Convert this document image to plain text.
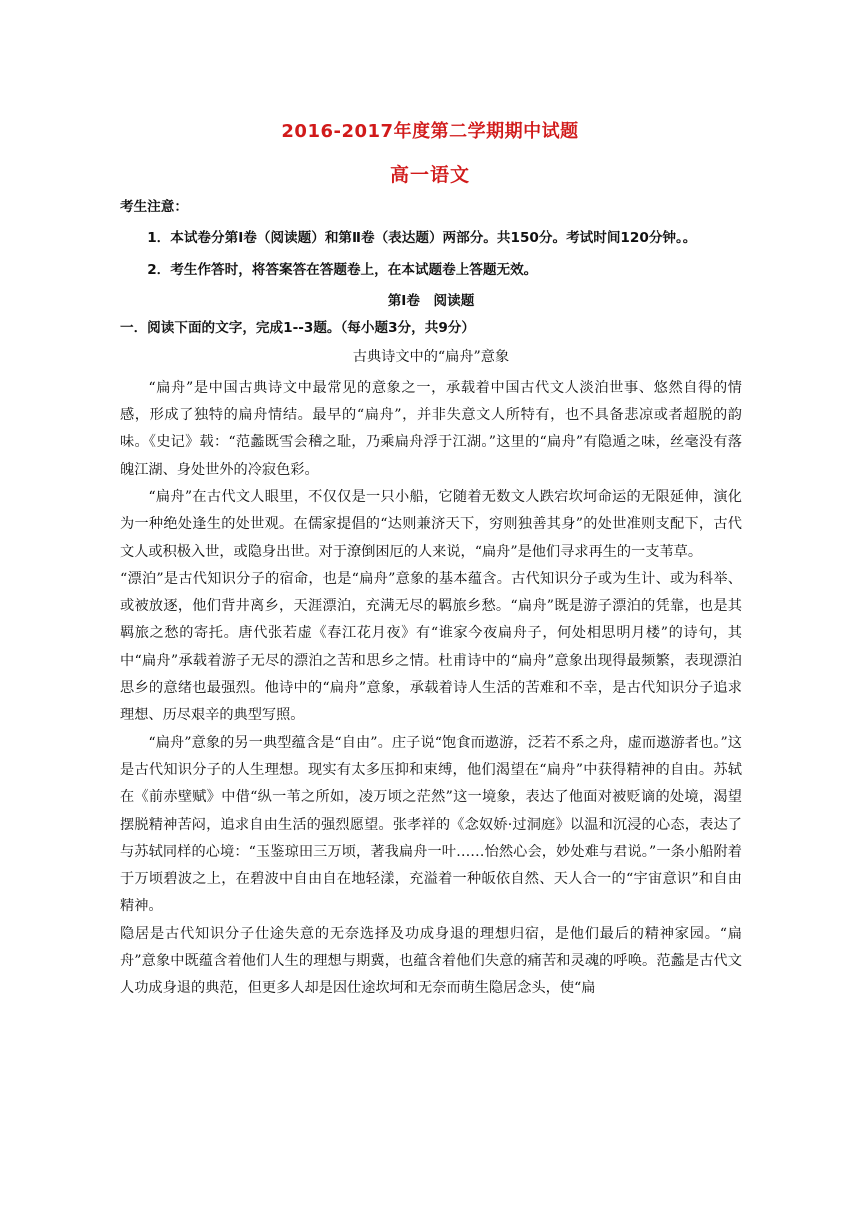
2016-2017年度第二学期期中试题
高一语文

考生注意：

1．本试卷分第Ⅰ卷（阅读题）和第Ⅱ卷（表达题）两部分。共150分。考试时间120分钟。。

2．考生作答时，将答案答在答题卷上，在本试题卷上答题无效。

第Ⅰ卷　阅读题

一．阅读下面的文字，完成1--3题。（每小题3分，共9分）

古典诗文中的“扁舟”意象

“扁舟”是中国古典诗文中最常见的意象之一，承载着中国古代文人淡泊世事、悠然自得的情感，形成了独特的扁舟情结。最早的“扁舟”，并非失意文人所特有，也不具备悲凉或者超脱的韵味。《史记》载：“范蠡既雪会稽之耻，乃乘扁舟浮于江湖。”这里的“扁舟”有隐遁之味，丝毫没有落魄江湖、身处世外的冷寂色彩。

“扁舟”在古代文人眼里，不仅仅是一只小船，它随着无数文人跌宕坎坷命运的无限延伸，演化为一种绝处逢生的处世观。在儒家提倡的“达则兼济天下，穷则独善其身”的处世准则支配下，古代文人或积极入世，或隐身出世。对于潦倒困厄的人来说，“扁舟”是他们寻求再生的一支苇草。

“漂泊”是古代知识分子的宿命，也是“扁舟”意象的基本蕴含。古代知识分子或为生计、或为科举、或被放逐，他们背井离乡，天涯漂泊，充满无尽的羁旅乡愁。“扁舟”既是游子漂泊的凭靠，也是其羁旅之愁的寄托。唐代张若虚《春江花月夜》有“谁家今夜扁舟子，何处相思明月楼”的诗句，其中“扁舟”承载着游子无尽的漂泊之苦和思乡之情。杜甫诗中的“扁舟”意象出现得最频繁，表现漂泊思乡的意绪也最强烈。他诗中的“扁舟”意象，承载着诗人生活的苦难和不幸，是古代知识分子追求理想、历尽艰辛的典型写照。

“扁舟”意象的另一典型蕴含是“自由”。庄子说“饱食而遨游，泛若不系之舟，虚而遨游者也。”这是古代知识分子的人生理想。现实有太多压抑和束缚，他们渴望在“扁舟”中获得精神的自由。苏轼在《前赤壁赋》中借“纵一苇之所如，凌万顷之茫然”这一境象，表达了他面对被贬谪的处境，渴望摆脱精神苦闷，追求自由生活的强烈愿望。张孝祥的《念奴娇·过洞庭》以温和沉浸的心态，表达了与苏轼同样的心境：“玉鉴琼田三万顷，著我扁舟一叶……怡然心会，妙处难与君说。”一条小船附着于万顷碧波之上，在碧波中自由自在地轻漾，充溢着一种皈依自然、天人合一的“宇宙意识”和自由精神。

隐居是古代知识分子仕途失意的无奈选择及功成身退的理想归宿，是他们最后的精神家园。“扁舟”意象中既蕴含着他们人生的理想与期冀，也蕴含着他们失意的痛苦和灵魂的呼唤。范蠡是古代文人功成身退的典范，但更多人却是因仕途坎坷和无奈而萌生隐居念头，使“扁
